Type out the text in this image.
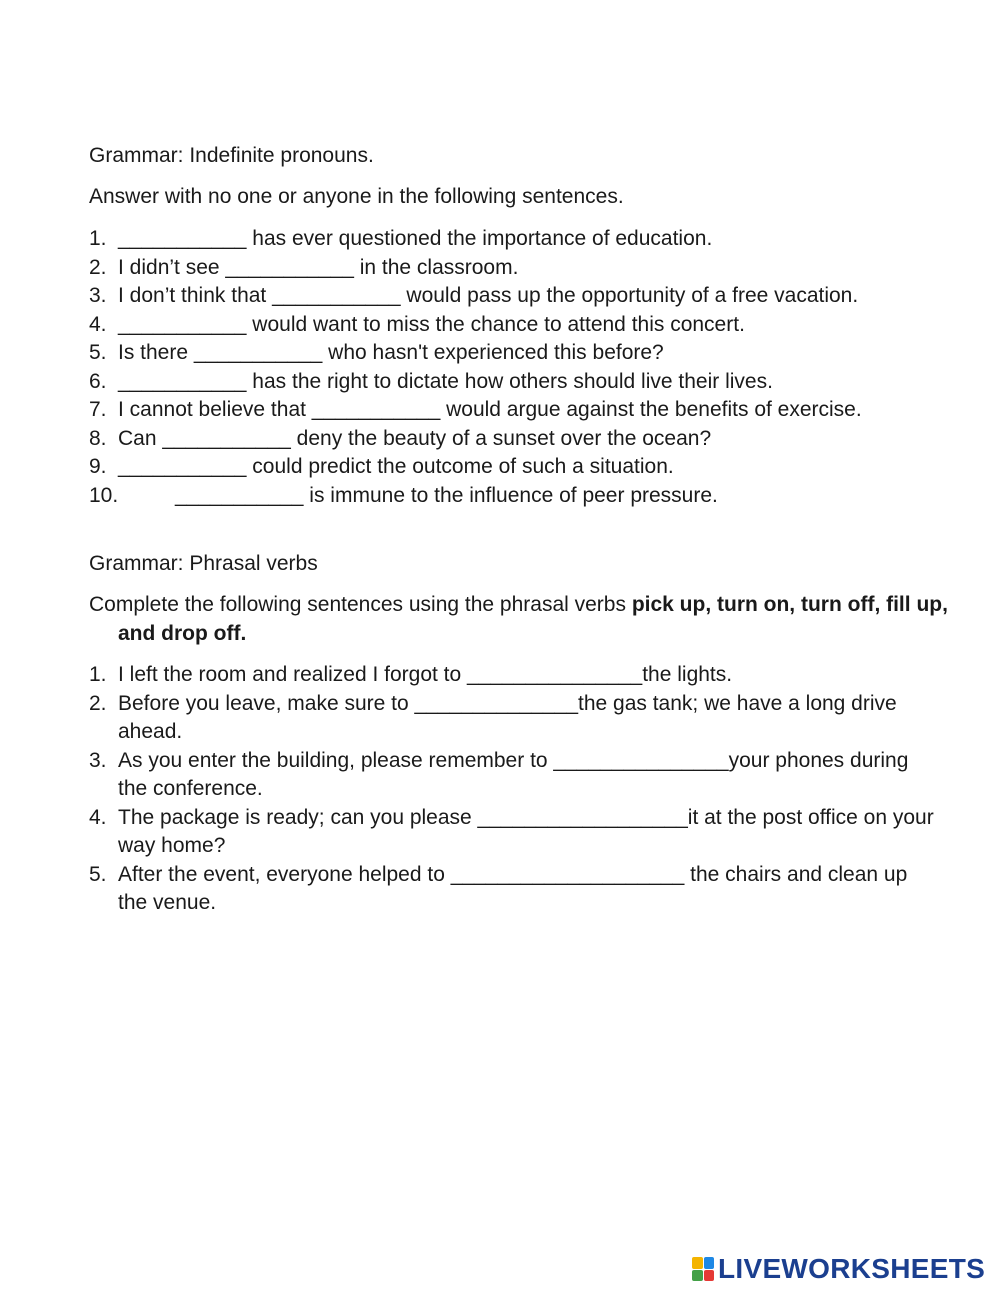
Grammar: Indefinite pronouns.
Answer with no one or anyone in the following sentences.
1. ___________ has ever questioned the importance of education.
2. I didn’t see ___________ in the classroom.
3. I don’t think that ___________ would pass up the opportunity of a free vacation.
4. ___________ would want to miss the chance to attend this concert.
5. Is there ___________ who hasn't experienced this before?
6. ___________ has the right to dictate how others should live their lives.
7. I cannot believe that ___________ would argue against the benefits of exercise.
8. Can ___________ deny the beauty of a sunset over the ocean?
9. ___________ could predict the outcome of such a situation.
10.	___________ is immune to the influence of peer pressure.
Grammar: Phrasal verbs
Complete the following sentences using the phrasal verbs pick up, turn on, turn off, fill up, and drop off.
1. I left the room and realized I forgot to _______________the lights.
2. Before you leave, make sure to ______________the gas tank; we have a long drive ahead.
3. As you enter the building, please remember to _______________your phones during the conference.
4. The package is ready; can you please __________________it at the post office on your way home?
5. After the event, everyone helped to ____________________ the chairs and clean up the venue.
LIVEWORKSHEETS
